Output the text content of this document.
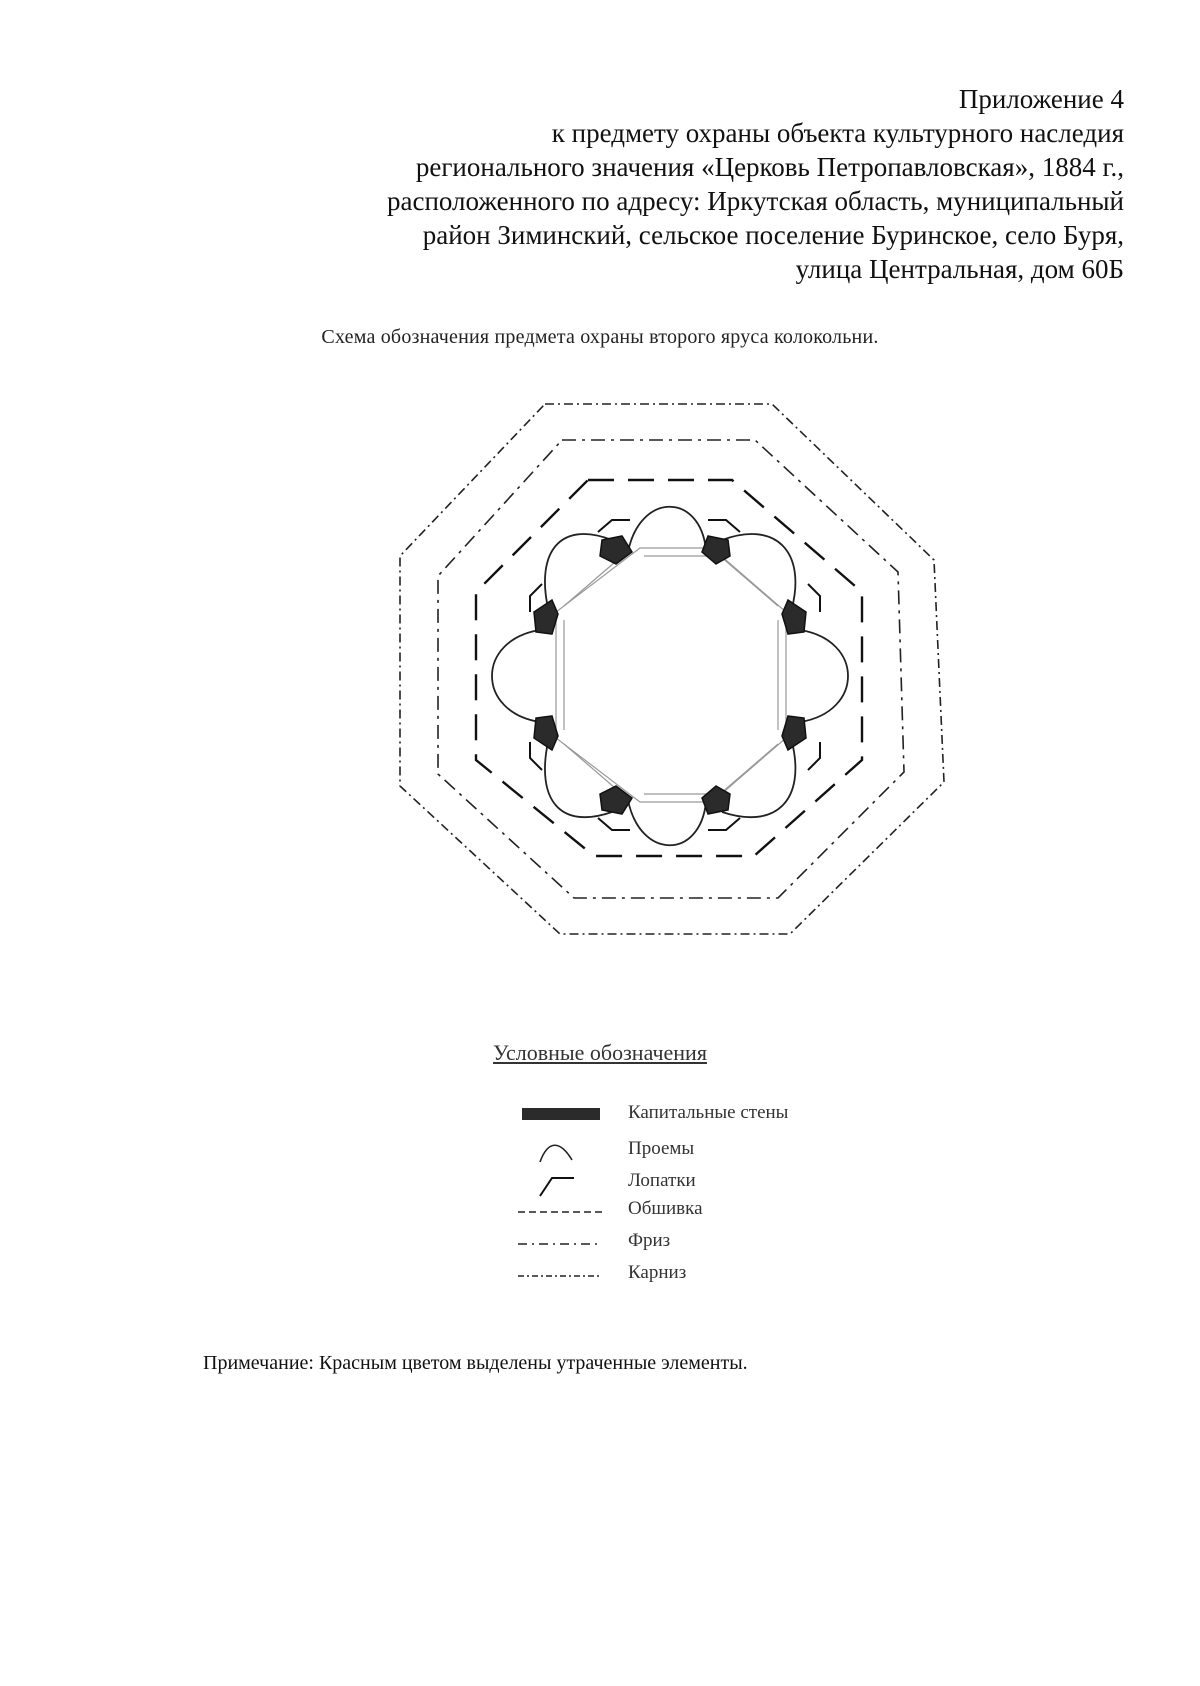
Приложение 4
к предмету охраны объекта культурного наследия
регионального значения «Церковь Петропавловская», 1884 г.,
расположенного по адресу: Иркутская область, муниципальный
район Зиминский, сельское поселение Буринское, село Буря,
улица Центральная, дом 60Б
Схема обозначения предмета охраны второго яруса колокольни.
Условные обозначения
Капитальные стены
Проемы
Лопатки
Обшивка
Фриз
Карниз
Примечание: Красным цветом выделены утраченные элементы.
